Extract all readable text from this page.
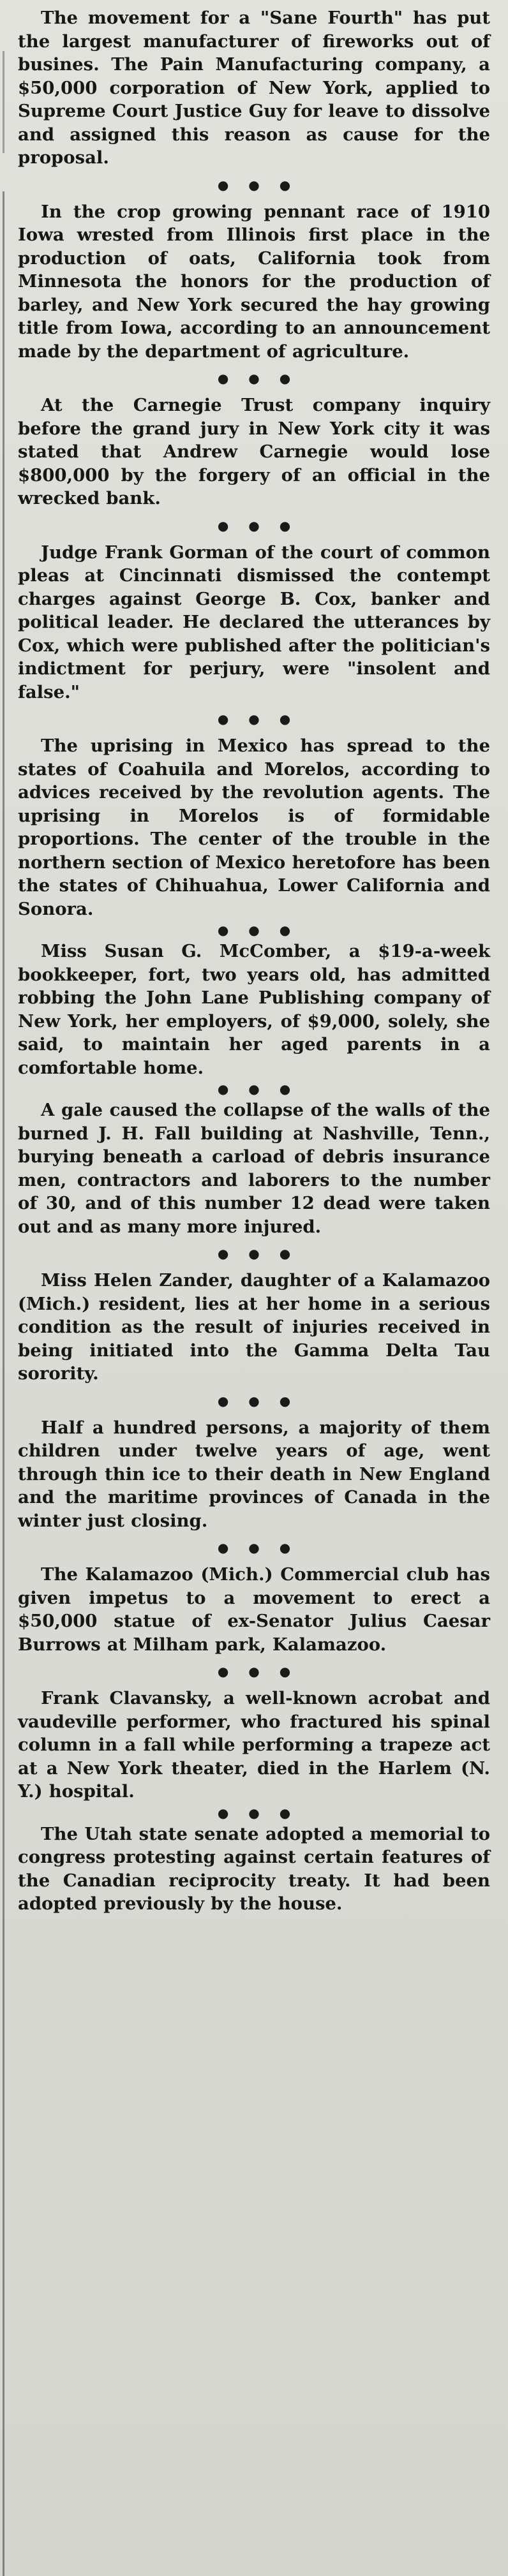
The movement for a "Sane Fourth" has put the largest manufacturer of fireworks out of busines. The Pain Manufacturing company, a $50,000 corporation of New York, applied to Supreme Court Justice Guy for leave to dissolve and assigned this reason as cause for the proposal.

● ● ●

In the crop growing pennant race of 1910 Iowa wrested from Illinois first place in the production of oats, California took from Minnesota the honors for the production of barley, and New York secured the hay growing title from Iowa, according to an announcement made by the department of agriculture.

● ● ●

At the Carnegie Trust company inquiry before the grand jury in New York city it was stated that Andrew Carnegie would lose $800,000 by the forgery of an official in the wrecked bank.

● ● ●

Judge Frank Gorman of the court of common pleas at Cincinnati dismissed the contempt charges against George B. Cox, banker and political leader. He declared the utterances by Cox, which were published after the politician's indictment for perjury, were "insolent and false."

● ● ●

The uprising in Mexico has spread to the states of Coahuila and Morelos, according to advices received by the revolution agents. The uprising in Morelos is of formidable proportions. The center of the trouble in the northern section of Mexico heretofore has been the states of Chihuahua, Lower California and Sonora.

● ● ●

Miss Susan G. McComber, a $19-a-week bookkeeper, fort, two years old, has admitted robbing the John Lane Publishing company of New York, her employers, of $9,000, solely, she said, to maintain her aged parents in a comfortable home.

● ● ●

A gale caused the collapse of the walls of the burned J. H. Fall building at Nashville, Tenn., burying beneath a carload of debris insurance men, contractors and laborers to the number of 30, and of this number 12 dead were taken out and as many more injured.

● ● ●

Miss Helen Zander, daughter of a Kalamazoo (Mich.) resident, lies at her home in a serious condition as the result of injuries received in being initiated into the Gamma Delta Tau sorority.

● ● ●

Half a hundred persons, a majority of them children under twelve years of age, went through thin ice to their death in New England and the maritime provinces of Canada in the winter just closing.

● ● ●

The Kalamazoo (Mich.) Commercial club has given impetus to a movement to erect a $50,000 statue of ex-Senator Julius Caesar Burrows at Milham park, Kalamazoo.

● ● ●

Frank Clavansky, a well-known acrobat and vaudeville performer, who fractured his spinal column in a fall while performing a trapeze act at a New York theater, died in the Harlem (N. Y.) hospital.

● ● ●

The Utah state senate adopted a memorial to congress protesting against certain features of the Canadian reciprocity treaty. It had been adopted previously by the house.
